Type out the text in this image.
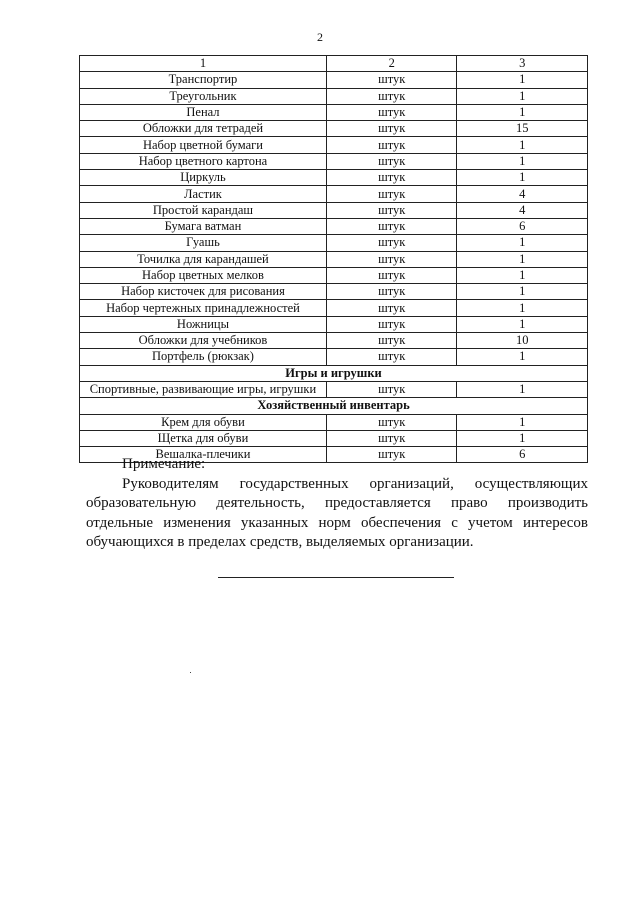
2
1	2	3
Транспортир	штук	1
Треугольник	штук	1
Пенал	штук	1
Обложки для тетрадей	штук	15
Набор цветной бумаги	штук	1
Набор цветного картона	штук	1
Циркуль	штук	1
Ластик	штук	4
Простой карандаш	штук	4
Бумага ватман	штук	6
Гуашь	штук	1
Точилка для карандашей	штук	1
Набор цветных мелков	штук	1
Набор кисточек для рисования	штук	1
Набор чертежных принадлежностей	штук	1
Ножницы	штук	1
Обложки для учебников	штук	10
Портфель (рюкзак)	штук	1
Игры и игрушки		
Спортивные, развивающие игры, игрушки	штук	1
Хозяйственный инвентарь		
Крем для обуви	штук	1
Щетка для обуви	штук	1
Вешалка-плечики	штук	6
Примечание:
Руководителям государственных организаций, осуществляющих образовательную деятельность, предоставляется право производить отдельные изменения указанных норм обеспечения с учетом интересов обучающихся в пределах средств, выделяемых организации.
